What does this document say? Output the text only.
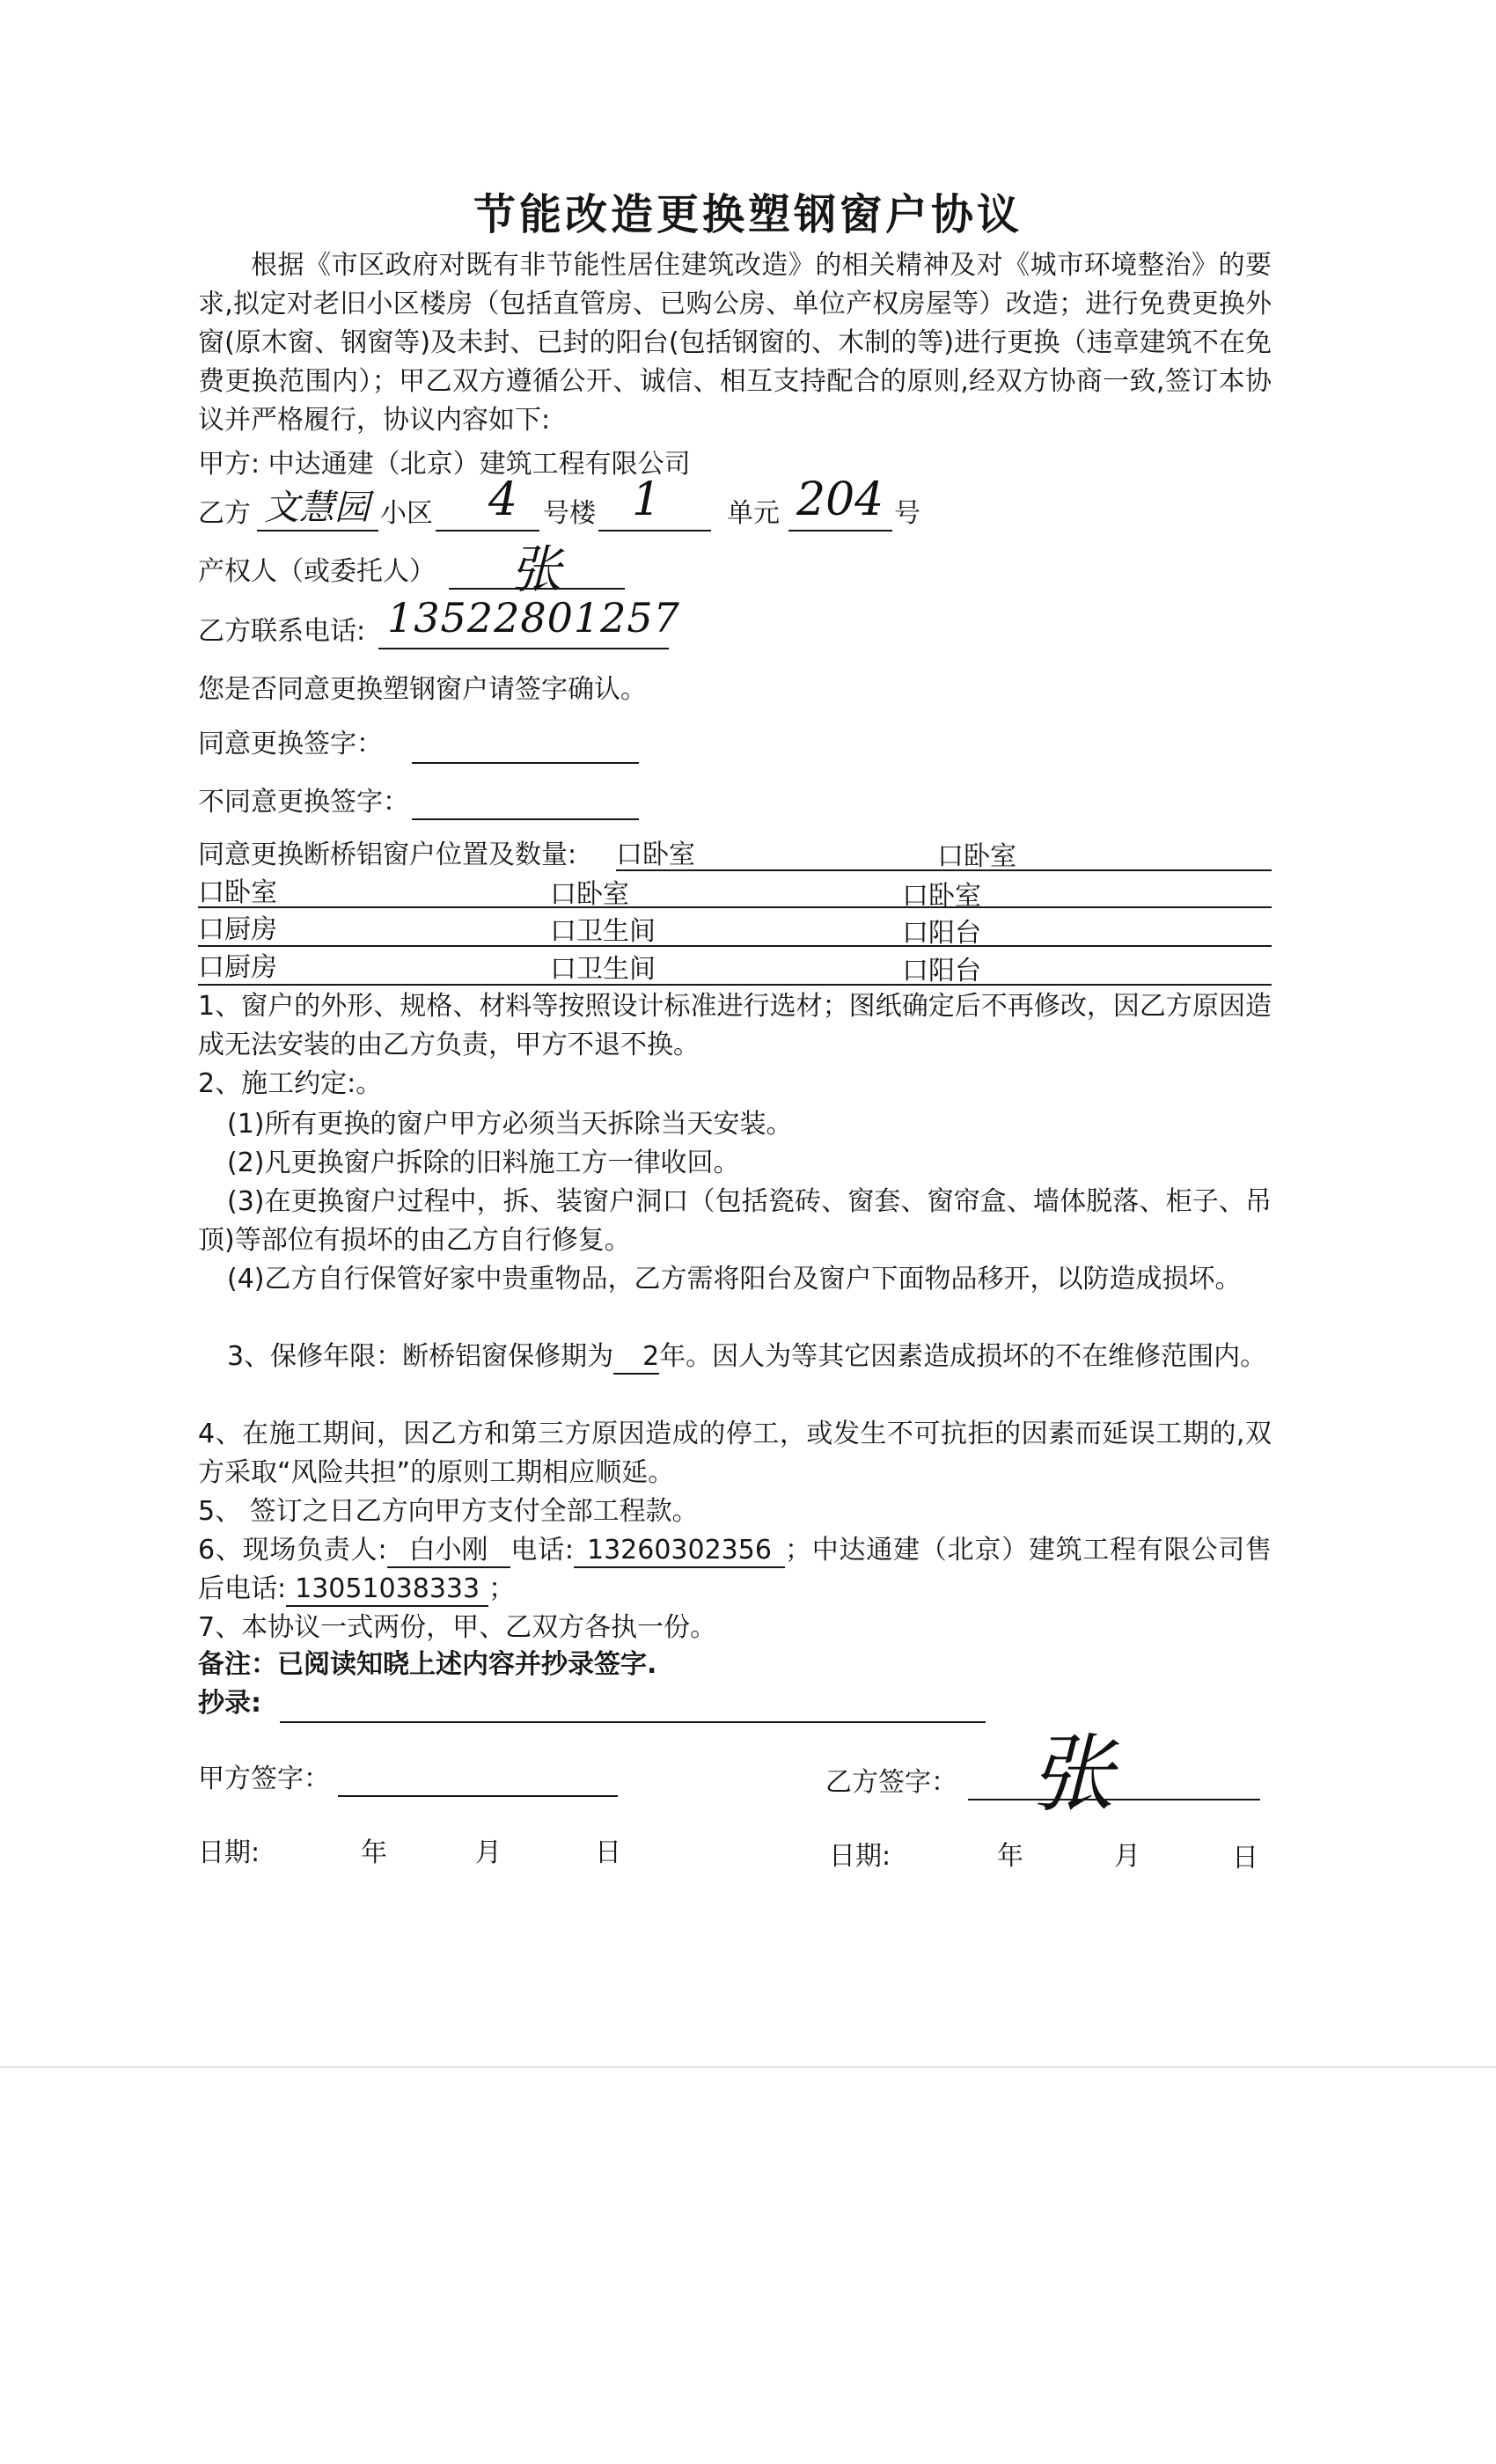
节能改造更换塑钢窗户协议
根据《市区政府对既有非节能性居住建筑改造》的相关精神及对《城市环境整治》的要求,拟定对老旧小区楼房（包括直管房、已购公房、单位产权房屋等）改造；进行免费更换外窗(原木窗、钢窗等)及未封、已封的阳台(包括钢窗的、木制的等)进行更换（违章建筑不在免费更换范围内）；甲乙双方遵循公开、诚信、相互支持配合的原则,经双方协商一致,签订本协议并严格履行，协议内容如下:
甲方: 中达通建（北京）建筑工程有限公司
乙方 文慧园 小区 4 号楼 1 单元 204 号
产权人（或委托人） 张
乙方联系电话: 13522801257
您是否同意更换塑钢窗户请签字确认。
同意更换签字：
不同意更换签字：
同意更换断桥铝窗户位置及数量: 口卧室	口卧室
口卧室	口卧室	口卧室
口厨房	口卫生间	口阳台
口厨房	口卫生间	口阳台
1、窗户的外形、规格、材料等按照设计标准进行选材；图纸确定后不再修改，因乙方原因造成无法安装的由乙方负责，甲方不退不换。
2、施工约定:。
(1)所有更换的窗户甲方必须当天拆除当天安装。
(2)凡更换窗户拆除的旧料施工方一律收回。
(3)在更换窗户过程中，拆、装窗户洞口（包括瓷砖、窗套、窗帘盒、墙体脱落、柜子、吊顶)等部位有损坏的由乙方自行修复。
(4)乙方自行保管好家中贵重物品，乙方需将阳台及窗户下面物品移开，以防造成损坏。
3、保修年限：断桥铝窗保修期为 2年。因人为等其它因素造成损坏的不在维修范围内。
4、在施工期间，因乙方和第三方原因造成的停工，或发生不可抗拒的因素而延误工期的,双方采取“风险共担”的原则工期相应顺延。
5、 签订之日乙方向甲方支付全部工程款。
6、现场负责人: 白小刚 电话: 13260302356 ；中达通建（北京）建筑工程有限公司售后电话: 13051038333 ；
7、本协议一式两份，甲、乙双方各执一份。
备注：已阅读知晓上述内容并抄录签字.
抄录:
甲方签字：	乙方签字： 张
日期:	年	月	日	日期:	年	月	日
